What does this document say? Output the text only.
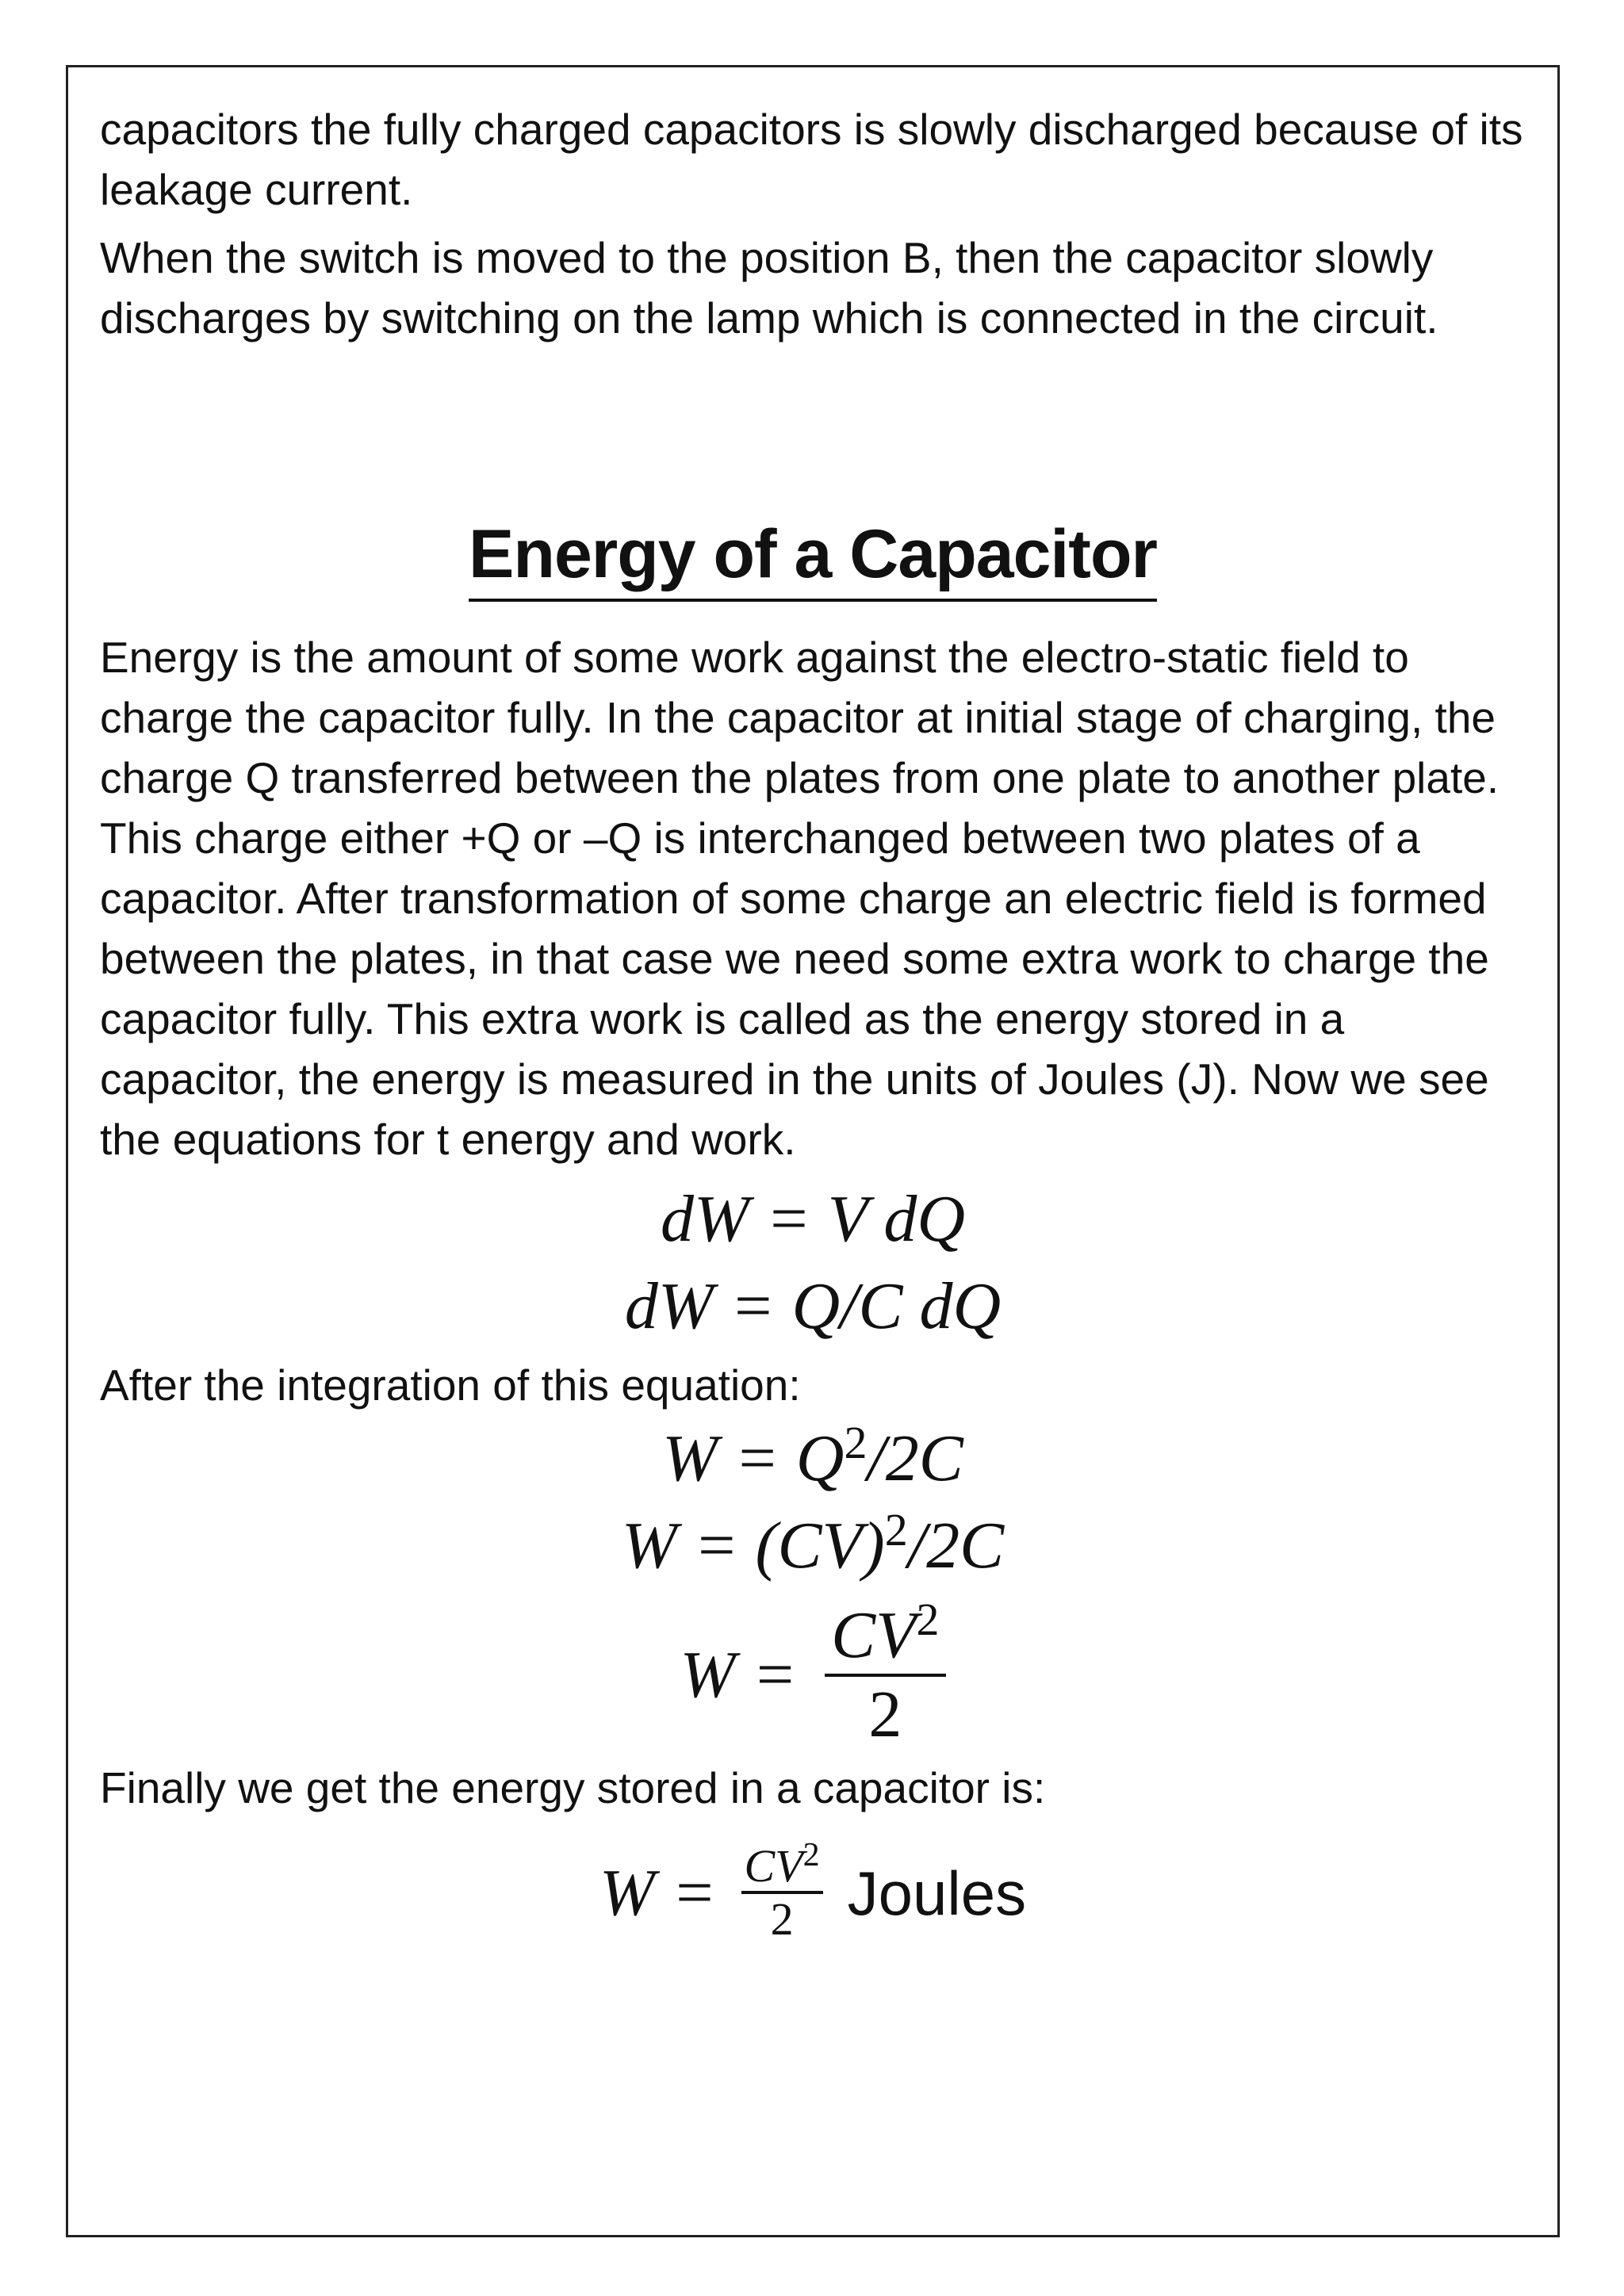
capacitors the fully charged capacitors is slowly discharged because of its leakage current.

When the switch is moved to the position B, then the capacitor slowly discharges by switching on the lamp which is connected in the circuit.

Energy of a Capacitor

Energy is the amount of some work against the electro-static field to charge the capacitor fully. In the capacitor at initial stage of charging, the charge Q transferred between the plates from one plate to another plate. This charge either +Q or –Q is interchanged between two plates of a capacitor. After transformation of some charge an electric field is formed between the plates, in that case we need some extra work to charge the capacitor fully. This extra work is called as the energy stored in a capacitor, the energy is measured in the units of Joules (J). Now we see the equations for t energy and work.

dW = V dQ
dW = Q/C dQ

After the integration of this equation:

$W = Q^2/2C$
W = (CV)$^2$/2C
$W = \frac{CV^2}{2}$

Finally we get the energy stored in a capacitor is:

$W = \frac{CV^2}{2}$ Joules
